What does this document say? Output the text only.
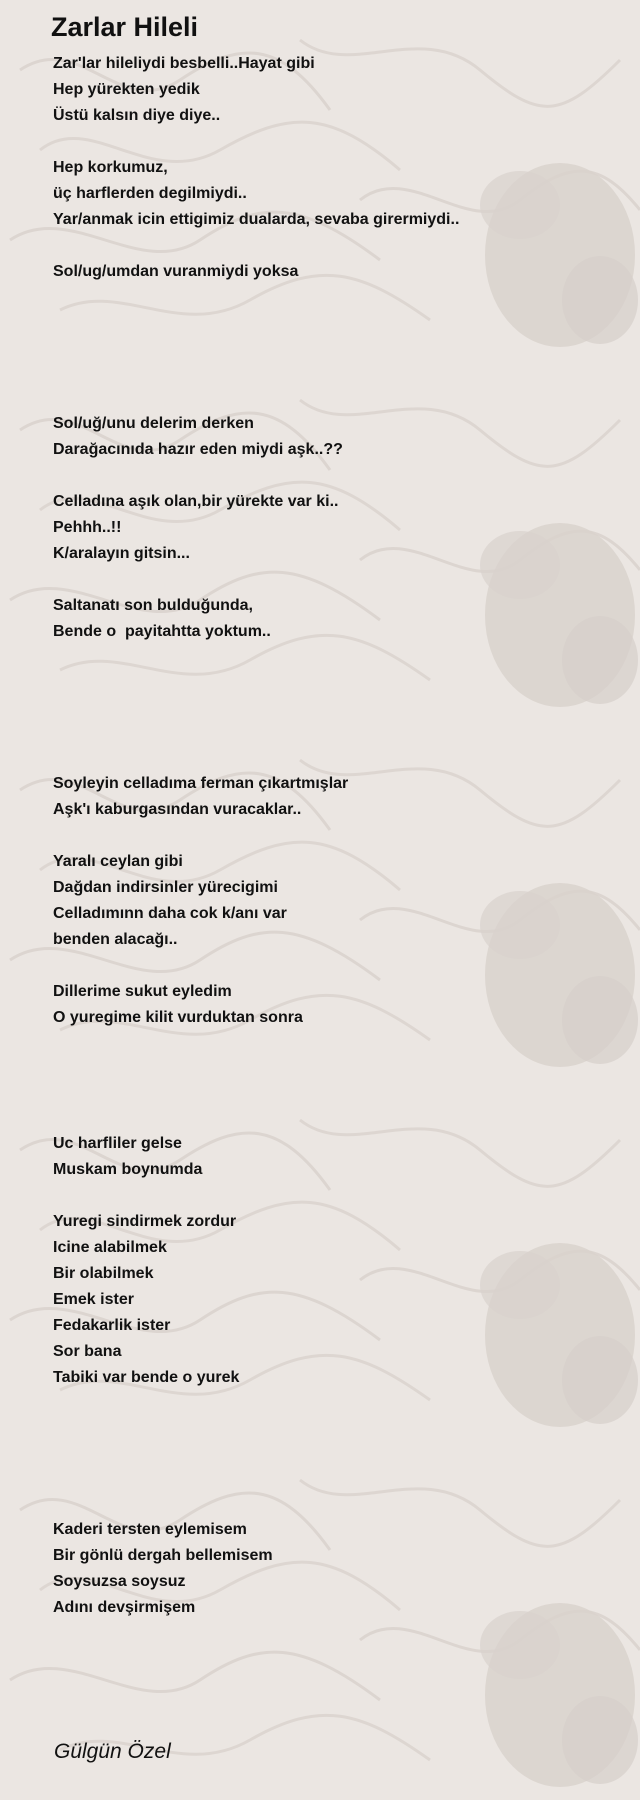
Zarlar Hileli
Zar'lar hileliydi besbelli..Hayat gibi
Hep yürekten yedik
Üstü kalsın diye diye..
Hep korkumuz,
üç harflerden degilmiydi..
Yar/anmak icin ettigimiz dualarda, sevaba girermiydi..
Sol/ug/umdan vuranmiydi yoksa
Sol/uğ/unu delerim derken
Darağacınıda hazır eden miydi aşk..??
Celladına aşık olan,bir yürekte var ki..
Pehhh..!!
K/aralayın gitsin...
Saltanatı son bulduğunda,
Bende o  payitahtta yoktum..
Soyleyin celladıma ferman çıkartmışlar
Aşk'ı kaburgasından vuracaklar..
Yaralı ceylan gibi
Dağdan indirsinler yürecigimi
Celladımınn daha cok k/anı var
benden alacağı..
Dillerime sukut eyledim
O yuregime kilit vurduktan sonra
Uc harfliler gelse
Muskam boynumda
Yuregi sindirmek zordur
Icine alabilmek
Bir olabilmek
Emek ister
Fedakarlik ister
Sor bana
Tabiki var bende o yurek
Kaderi tersten eylemisem
Bir gönlü dergah bellemisem
Soysuzsa soysuz
Adını devşirmişem
Gülgün Özel
